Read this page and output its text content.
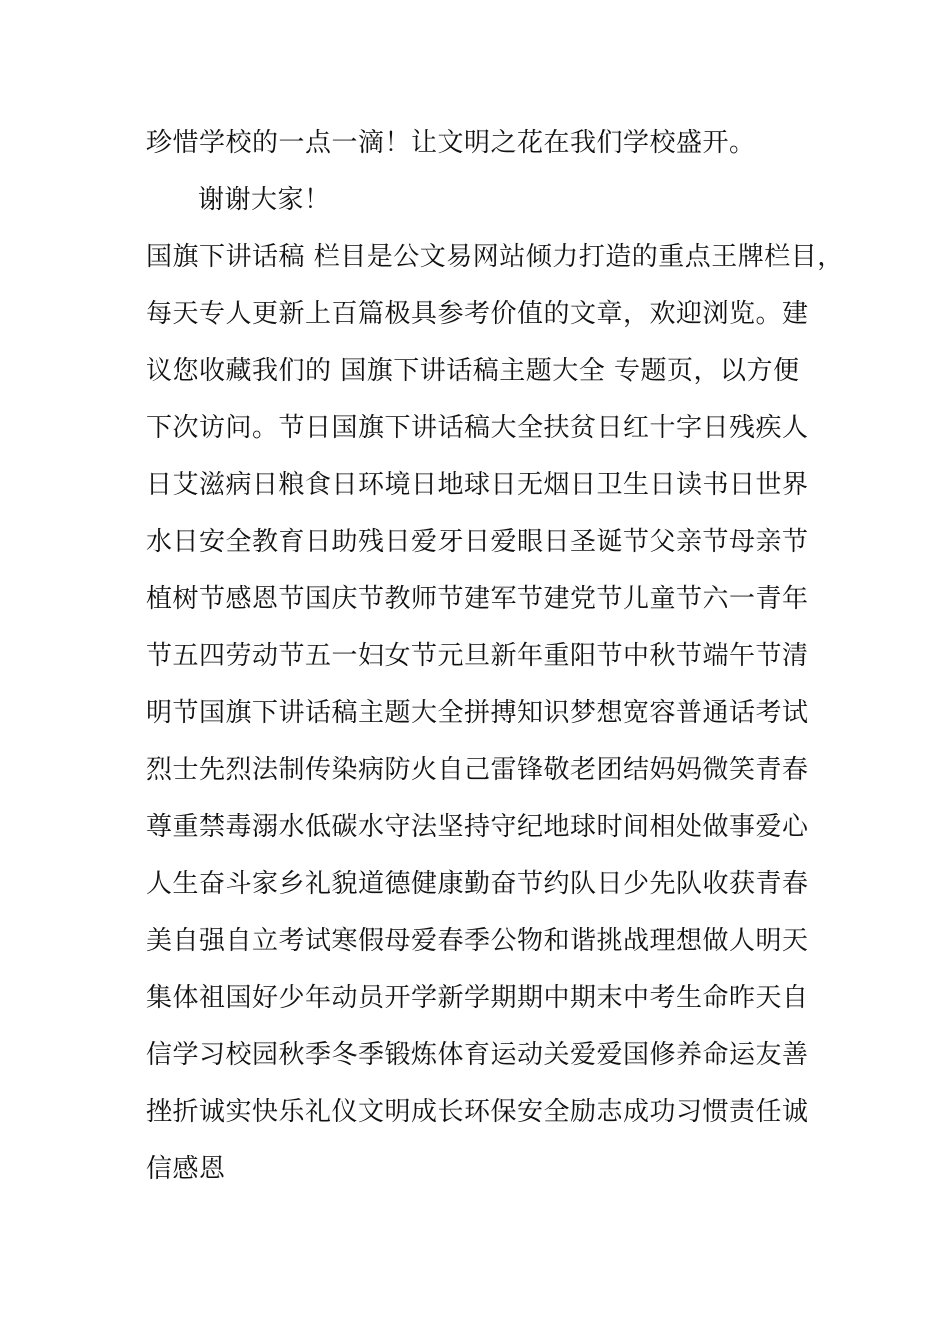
珍惜学校的一点一滴！让文明之花在我们学校盛开。
谢谢大家！
国旗下讲话稿 栏目是公文易网站倾力打造的重点王牌栏目，
每天专人更新上百篇极具参考价值的文章，欢迎浏览。建
议您收藏我们的 国旗下讲话稿主题大全 专题页，以方便
下次访问。节日国旗下讲话稿大全扶贫日红十字日残疾人
日艾滋病日粮食日环境日地球日无烟日卫生日读书日世界
水日安全教育日助残日爱牙日爱眼日圣诞节父亲节母亲节
植树节感恩节国庆节教师节建军节建党节儿童节六一青年
节五四劳动节五一妇女节元旦新年重阳节中秋节端午节清
明节国旗下讲话稿主题大全拼搏知识梦想宽容普通话考试
烈士先烈法制传染病防火自己雷锋敬老团结妈妈微笑青春
尊重禁毒溺水低碳水守法坚持守纪地球时间相处做事爱心
人生奋斗家乡礼貌道德健康勤奋节约队日少先队收获青春
美自强自立考试寒假母爱春季公物和谐挑战理想做人明天
集体祖国好少年动员开学新学期期中期末中考生命昨天自
信学习校园秋季冬季锻炼体育运动关爱爱国修养命运友善
挫折诚实快乐礼仪文明成长环保安全励志成功习惯责任诚
信感恩
